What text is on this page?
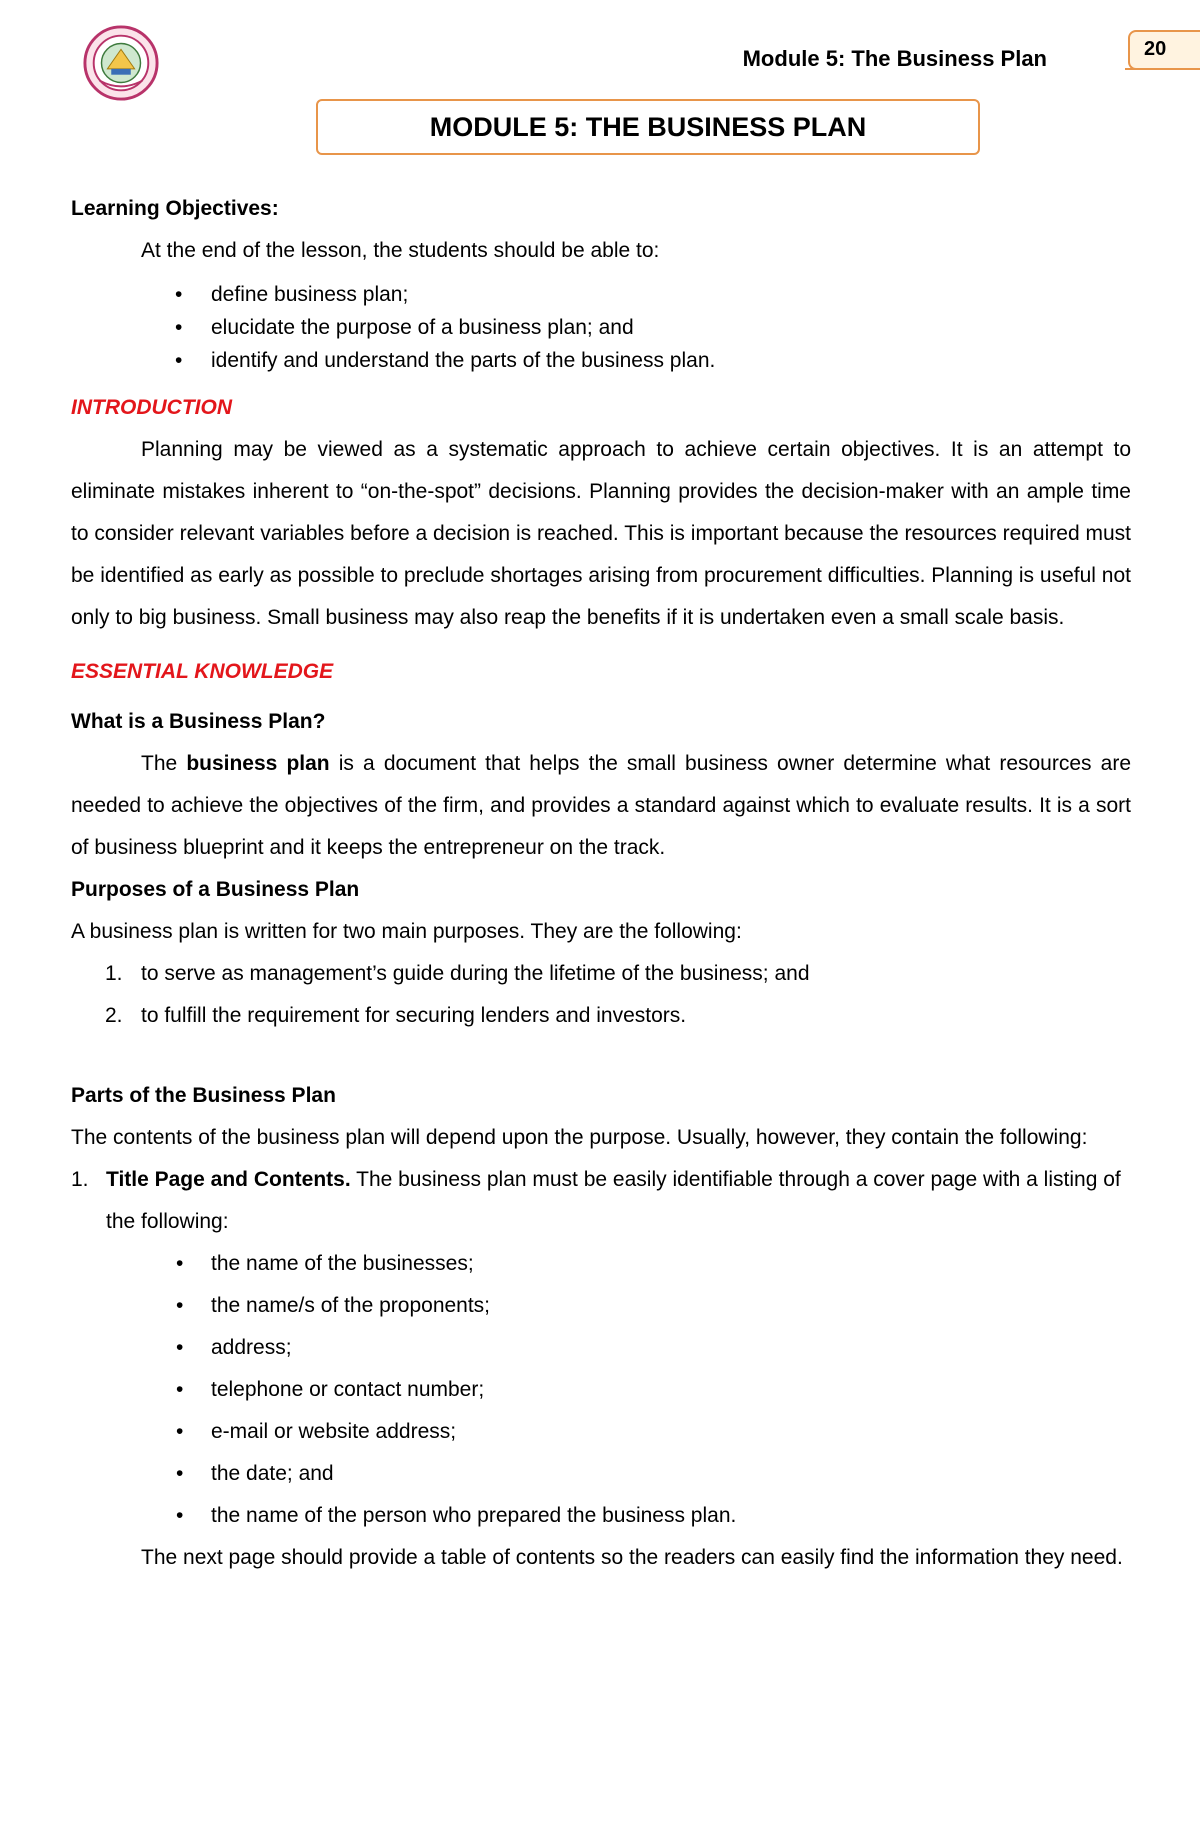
Module 5: The Business Plan	20
MODULE 5: THE BUSINESS PLAN

Learning Objectives:

At the end of the lesson, the students should be able to:

• define business plan;
• elucidate the purpose of a business plan; and
• identify and understand the parts of the business plan.

INTRODUCTION

Planning may be viewed as a systematic approach to achieve certain objectives. It is an attempt to eliminate mistakes inherent to “on-the-spot” decisions. Planning provides the decision-maker with an ample time to consider relevant variables before a decision is reached. This is important because the resources required must be identified as early as possible to preclude shortages arising from procurement difficulties. Planning is useful not only to big business. Small business may also reap the benefits if it is undertaken even a small scale basis.

ESSENTIAL KNOWLEDGE

What is a Business Plan?

The business plan is a document that helps the small business owner determine what resources are needed to achieve the objectives of the firm, and provides a standard against which to evaluate results. It is a sort of business blueprint and it keeps the entrepreneur on the track.

Purposes of a Business Plan

A business plan is written for two main purposes. They are the following:

1. to serve as management’s guide during the lifetime of the business; and
2. to fulfill the requirement for securing lenders and investors.

Parts of the Business Plan

The contents of the business plan will depend upon the purpose. Usually, however, they contain the following:

1. Title Page and Contents. The business plan must be easily identifiable through a cover page with a listing of the following:
• the name of the businesses;
• the name/s of the proponents;
• address;
• telephone or contact number;
• e-mail or website address;
• the date; and
• the name of the person who prepared the business plan.

The next page should provide a table of contents so the readers can easily find the information they need.
